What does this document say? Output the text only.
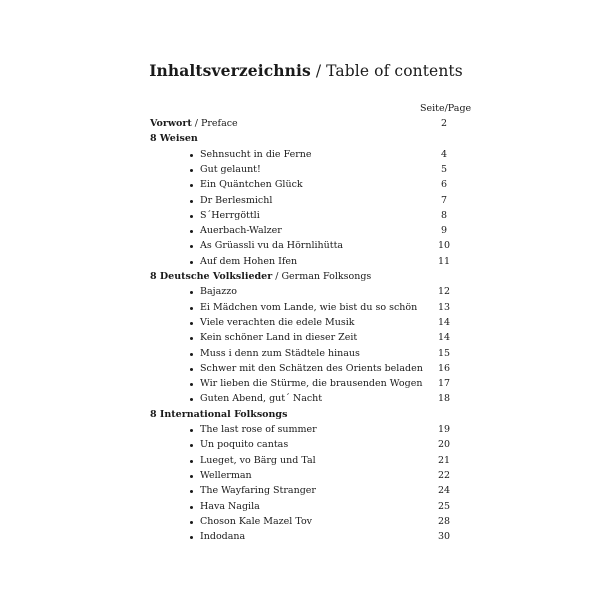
Inhaltsverzeichnis / Table of contents
Seite/Page
Vorwort / Preface	2
8 Weisen
Sehnsucht in die Ferne	4
Gut gelaunt!	5
Ein Quäntchen Glück	6
Dr Berlesmichl	7
S´Herrgöttli	8
Auerbach-Walzer	9
As Grüassli vu da Hörnlihütta	10
Auf dem Hohen Ifen	11
8 Deutsche Volkslieder / German Folksongs
Bajazzo	12
Ei Mädchen vom Lande, wie bist du so schön	13
Viele verachten die edele Musik	14
Kein schöner Land in dieser Zeit	14
Muss i denn zum Städtele hinaus	15
Schwer mit den Schätzen des Orients beladen	16
Wir lieben die Stürme, die brausenden Wogen	17
Guten Abend, gut´ Nacht	18
8 International Folksongs
The last rose of summer	19
Un poquito cantas	20
Lueget, vo Bärg und Tal	21
Wellerman	22
The Wayfaring Stranger	24
Hava Nagila	25
Choson Kale Mazel Tov	28
Indodana	30
